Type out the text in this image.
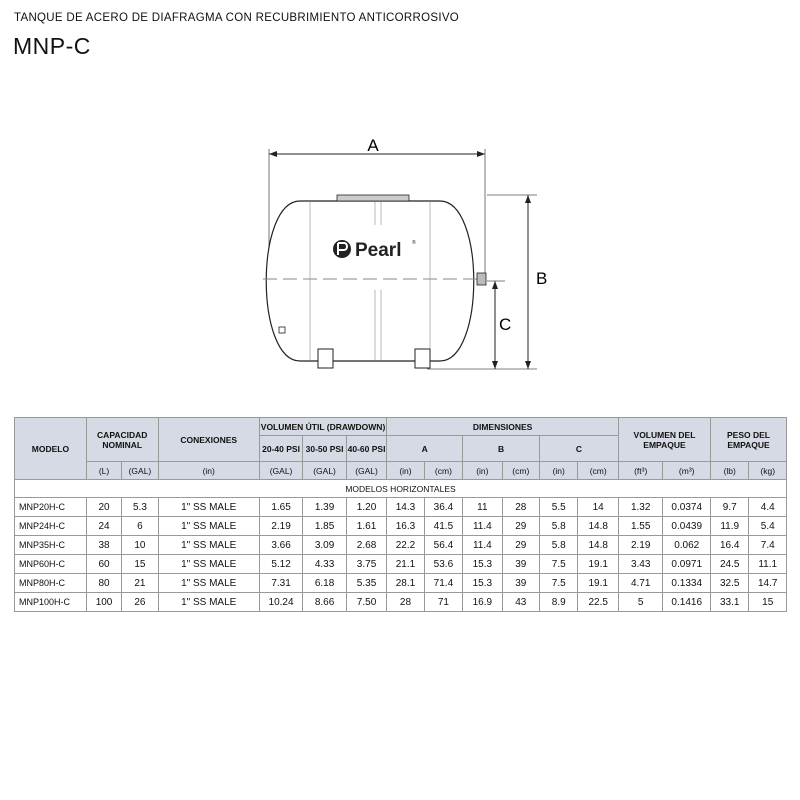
TANQUE DE ACERO DE DIAFRAGMA CON RECUBRIMIENTO ANTICORROSIVO
MNP-C
A
B
C
Pearl ®
MODELO	CAPACIDAD NOMINAL		CONEXIONES	VOLUMEN ÚTIL (DRAWDOWN)			DIMENSIONES						VOLUMEN DEL EMPAQUE		PESO DEL EMPAQUE	
				20-40 PSI	30-50 PSI	40-60 PSI	A		B		C					
	(L)	(GAL)	(in)	(GAL)	(GAL)	(GAL)	(in)	(cm)	(in)	(cm)	(in)	(cm)	(ft³)	(m³)	(lb)	(kg)
MODELOS HORIZONTALES																
MNP20H-C	20	5.3	1" SS MALE	1.65	1.39	1.20	14.3	36.4	11	28	5.5	14	1.32	0.0374	9.7	4.4
MNP24H-C	24	6	1" SS MALE	2.19	1.85	1.61	16.3	41.5	11.4	29	5.8	14.8	1.55	0.0439	11.9	5.4
MNP35H-C	38	10	1" SS MALE	3.66	3.09	2.68	22.2	56.4	11.4	29	5.8	14.8	2.19	0.062	16.4	7.4
MNP60H-C	60	15	1" SS MALE	5.12	4.33	3.75	21.1	53.6	15.3	39	7.5	19.1	3.43	0.0971	24.5	11.1
MNP80H-C	80	21	1" SS MALE	7.31	6.18	5.35	28.1	71.4	15.3	39	7.5	19.1	4.71	0.1334	32.5	14.7
MNP100H-C	100	26	1" SS MALE	10.24	8.66	7.50	28	71	16.9	43	8.9	22.5	5	0.1416	33.1	15
